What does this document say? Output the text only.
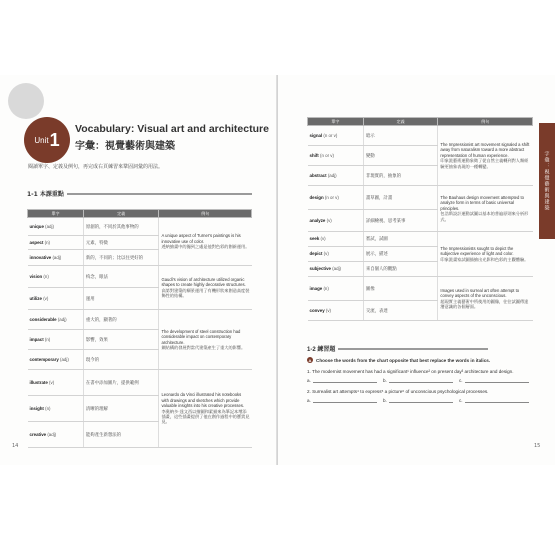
Unit 1
Vocabulary: Visual art and architecture
字彙：視覺藝術與建築
閱讀單字、定義及例句，再完成右頁練習來鞏固詞彙的用法。
1-1 本課重點
單字	定義	例句
unique (adj)	原創的，不同於其他事物的	A unique aspect of Turner's paintings is his innovative use of color.
透納繪畫中的獨到之處是他對色彩的創新運用。

aspect (n)	元素，特徵	
innovative (adj)	新的，不同的；比以往更好的	
vision (n)	构念，眼法	Gaudí's vision of architecture utilized organic shapes to create highly decorative structures.
高第對建築的願景運用了有機形狀來創造高度裝飾性的結構。

utilize (v)	運用	
considerable (adj)	重大的，顯著的	The development of steel construction had considerable impact on contemporary architecture.
鋼結構的發展對當代建築產生了重大的影響。

impact (n)	影響，效果	
contemporary (adj)	現今的	
illustrate (v)	在書中添加圖片，提供範例	Leonardo da Vinci illustrated his notebooks with drawings and sketches which provide valuable insights into his creative processes.
李奧納多·達文西以繪圖和素描來為筆記本增添插畫，這些插畫提供了他在創作過程中的寶貴見見。

insight (n)	清晰的理解	
creative (adj)	能夠產生新想法的	
14
單字	定義	例句
signal (n or v)	暗示	The Impressionist art movement signaled a shift away from naturalism toward a more abstract representation of human experience.
印象派藝術運動象徵了從自然主義轉到對人類經驗更抽象表現的一種轉變。

shift (n or v)	變動	
abstract (adj)	非現實的，抽象的	
design (n or v)	畫草圖，計畫	The Bauhaus design movement attempted to analyze form in terms of basic universal principles.
包浩斯設計運動試圖以基本的普遍原則來分析形式。

analyze (v)	詳細檢視、思考某事	
seek (v)	嘗試，試圖	The Impressionists sought to depict the subjective experience of light and color.
印象派畫家試圖描繪出光影和色彩的主觀體驗。

depict (v)	展示，描述	
subjective (adj)	來自個人的觀點	
image (n)	圖像	Images used in surreal art often attempt to convey aspects of the unconscious.
超現實主義藝術中所使用的圖像，往往試圖傳達潛意識的各個層面。

convey (v)	交流，表達	
15
字彙：視覺藝術與建築
1-2 練習題
A Choose the words from the chart opposite that best replace the words in italics.
1. The modernist movement has had a significant¹ influence² on present day³ architecture and design.
a.	b.	c.
2. Surrealist art attempts⁴ to express⁵ a picture⁶ of unconscious psychological processes.
a.	b.	c.
